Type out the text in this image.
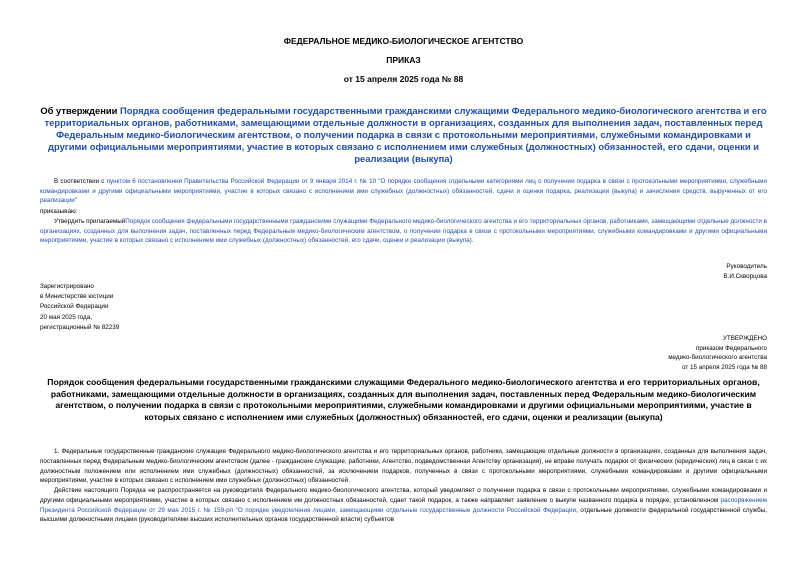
ФЕДЕРАЛЬНОЕ МЕДИКО-БИОЛОГИЧЕСКОЕ АГЕНТСТВО
ПРИКАЗ
от 15 апреля 2025 года № 88
Об утверждении Порядка сообщения федеральными государственными гражданскими служащими Федерального медико-биологического агентства и его территориальных органов, работниками, замещающими отдельные должности в организациях, созданных для выполнения задач, поставленных перед Федеральным медико-биологическим агентством, о получении подарка в связи с протокольными мероприятиями, служебными командировками и другими официальными мероприятиями, участие в которых связано с исполнением ими служебных (должностных) обязанностей, его сдачи, оценки и реализации (выкупа)
В соответствии с пунктом 6 постановления Правительства Российской Федерации от 9 января 2014 г. № 10 "О порядке сообщения отдельными категориями лиц о получении подарка в связи с протокольными мероприятиями, служебными командировками и другими официальными мероприятиями, участие в которых связано с исполнением ими служебных (должностных) обязанностей, сдачи и оценки подарка, реализации (выкупа) и зачисления средств, вырученных от его реализации"
приказываю:
Утвердить прилагаемыйПорядок сообщения федеральными государственными гражданскими служащими Федерального медико-биологического агентства и его территориальных органов, работниками, замещающими отдельные должности в организациях, созданных для выполнения задач, поставленных перед Федеральным медико-биологическим агентством, о получении подарка в связи с протокольными мероприятиями, служебными командировками и другими официальными мероприятиями, участие в которых связано с исполнением ими служебных (должностных) обязанностей, его сдачи, оценки и реализации (выкупа).
Руководитель
В.И.Скворцова
Зарегистрировано
в Министерстве юстиции
Российской Федерации
20 мая 2025 года,
регистрационный № 82239
УТВЕРЖДЕНО
приказом Федерального
медико-биологического агентства
от 15 апреля 2025 года № 88
Порядок сообщения федеральными государственными гражданскими служащими Федерального медико-биологического агентства и его территориальных органов, работниками, замещающими отдельные должности в организациях, созданных для выполнения задач, поставленных перед Федеральным медико-биологическим агентством, о получении подарка в связи с протокольными мероприятиями, служебными командировками и другими официальными мероприятиями, участие в которых связано с исполнением ими служебных (должностных) обязанностей, его сдачи, оценки и реализации (выкупа)
1. Федеральные государственные гражданские служащие Федерального медико-биологического агентства и его территориальных органов, работники, замещающие отдельные должности в организациях, созданных для выполнения задач, поставленных перед Федеральным медико-биологическим агентством (далее - гражданские служащие, работники, Агентство, подведомственная Агентству организация), не вправе получать подарки от физических (юридических) лиц в связи с их должностным положением или исполнением ими служебных (должностных) обязанностей, за исключением подарков, полученных в связи с протокольными мероприятиями, служебными командировками и другими официальными мероприятиями, участие в которых связано с исполнением ими служебных (должностных) обязанностей.
Действие настоящего Порядка не распространяется на руководителя Федерального медико-биологического агентства, который уведомляет о получении подарка в связи с протокольными мероприятиями, служебными командировками и другими официальными мероприятиями, участие в которых связано с исполнением им должностных обязанностей, сдает такой подарок, а также направляет заявление о выкупе названного подарка в порядке, установленном распоряжением Президента Российской Федерации от 29 мая 2015 г. № 159-рп "О порядке уведомления лицами, замещающими отдельные государственные должности Российской Федерации, отдельные должности федеральной государственной службы, высшими должностными лицами (руководителями высших исполнительных органов государственной власти) субъектов
